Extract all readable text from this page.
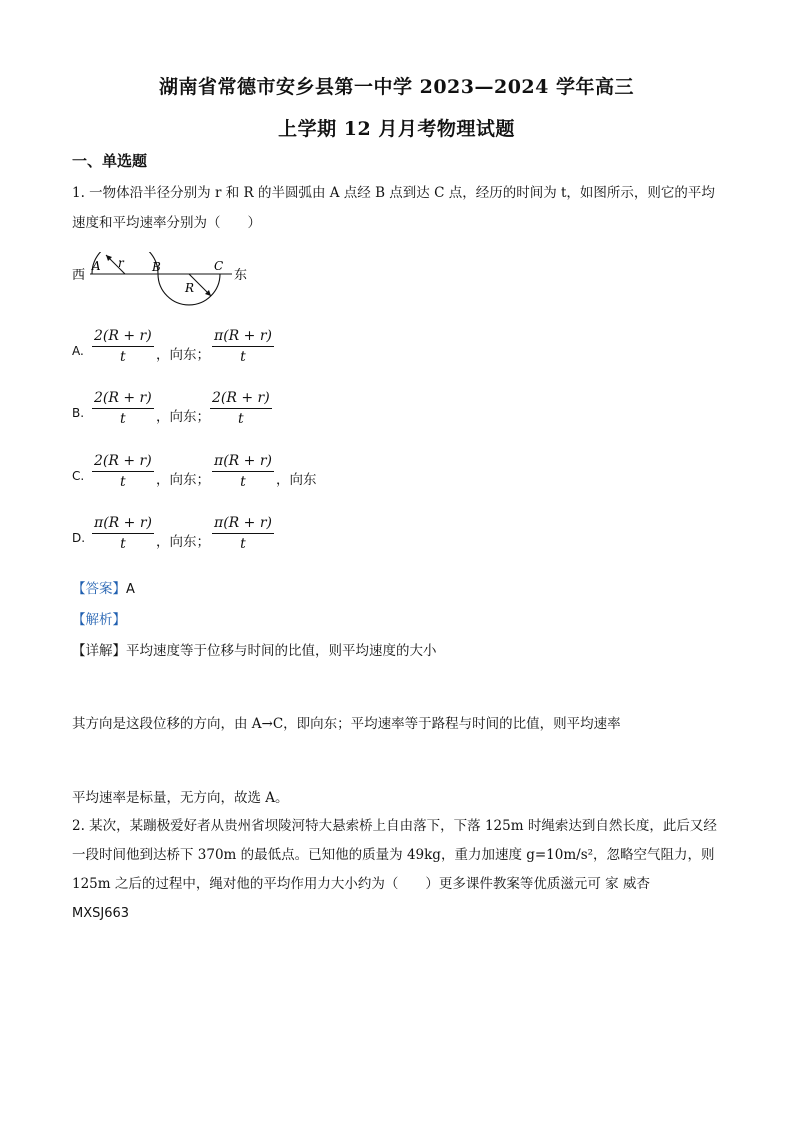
湖南省常德市安乡县第一中学 2023—2024 学年高三
上学期 12 月月考物理试题
一、单选题
1. 一物体沿半径分别为 r 和 R 的半圆弧由 A 点经 B 点到达 C 点，经历的时间为 t，如图所示，则它的平均速度和平均速率分别为（　　）
西
A r B
R
C
东
A. $\frac{2(R + r)}{t}$ ，向东； $\frac{\pi(R + r)}{t}$
B. $\frac{2(R + r)}{t}$ ，向东； $\frac{2(R + r)}{t}$
C. $\frac{2(R + r)}{t}$ ，向东； $\frac{\pi(R + r)}{t}$ ，向东
D. $\frac{\pi(R + r)}{t}$ ，向东； $\frac{\pi(R + r)}{t}$
【答案】A
【解析】
【详解】平均速度等于位移与时间的比值，则平均速度的大小
其方向是这段位移的方向，由 A→C，即向东；平均速率等于路程与时间的比值，则平均速率
平均速率是标量，无方向，故选 A。
2. 某次，某蹦极爱好者从贵州省坝陵河特大悬索桥上自由落下，下落 125m 时绳索达到自然长度，此后又经一段时间他到达桥下 370m 的最低点。已知他的质量为 49kg，重力加速度 g=10m/s²，忽略空气阻力，则 125m 之后的过程中，绳对他的平均作用力大小约为（　　）更多课件教案等优质滋元可 家 威杏
MXSJ663
